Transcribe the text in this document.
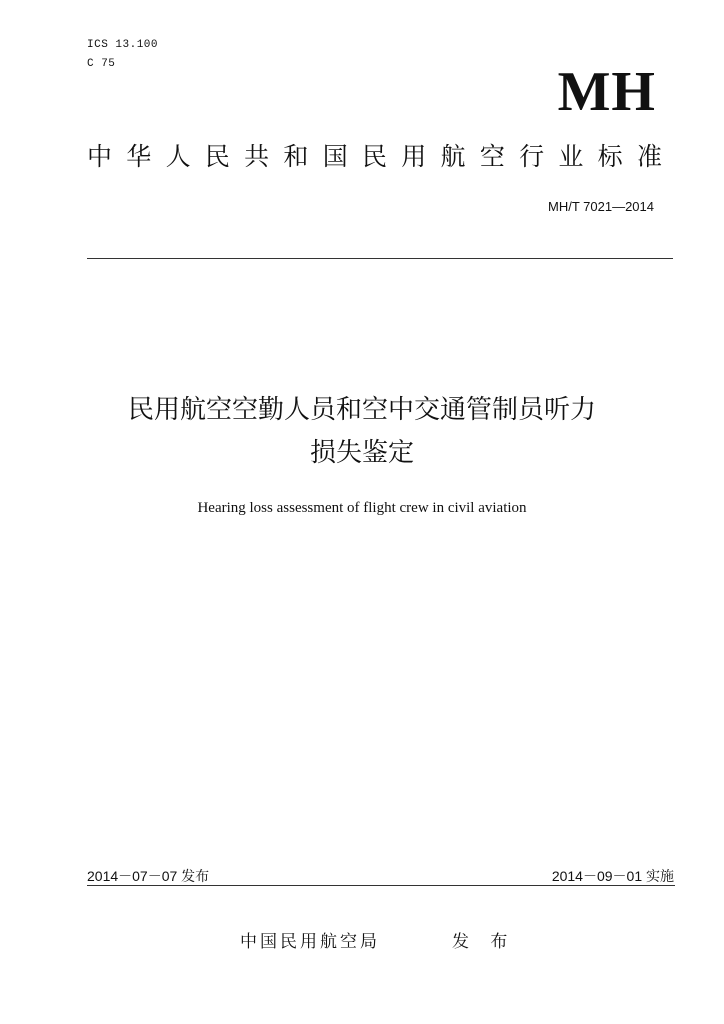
ICS 13.100
C 75	MH
中 华 人 民 共 和 国 民 用 航 空 行 业 标 准
MH/T 7021—2014
民用航空空勤人员和空中交通管制员听力
损失鉴定
Hearing loss assessment of flight crew in civil aviation
2014－07－07 发布	2014－09－01 实施
中国民用航空局	发 布
